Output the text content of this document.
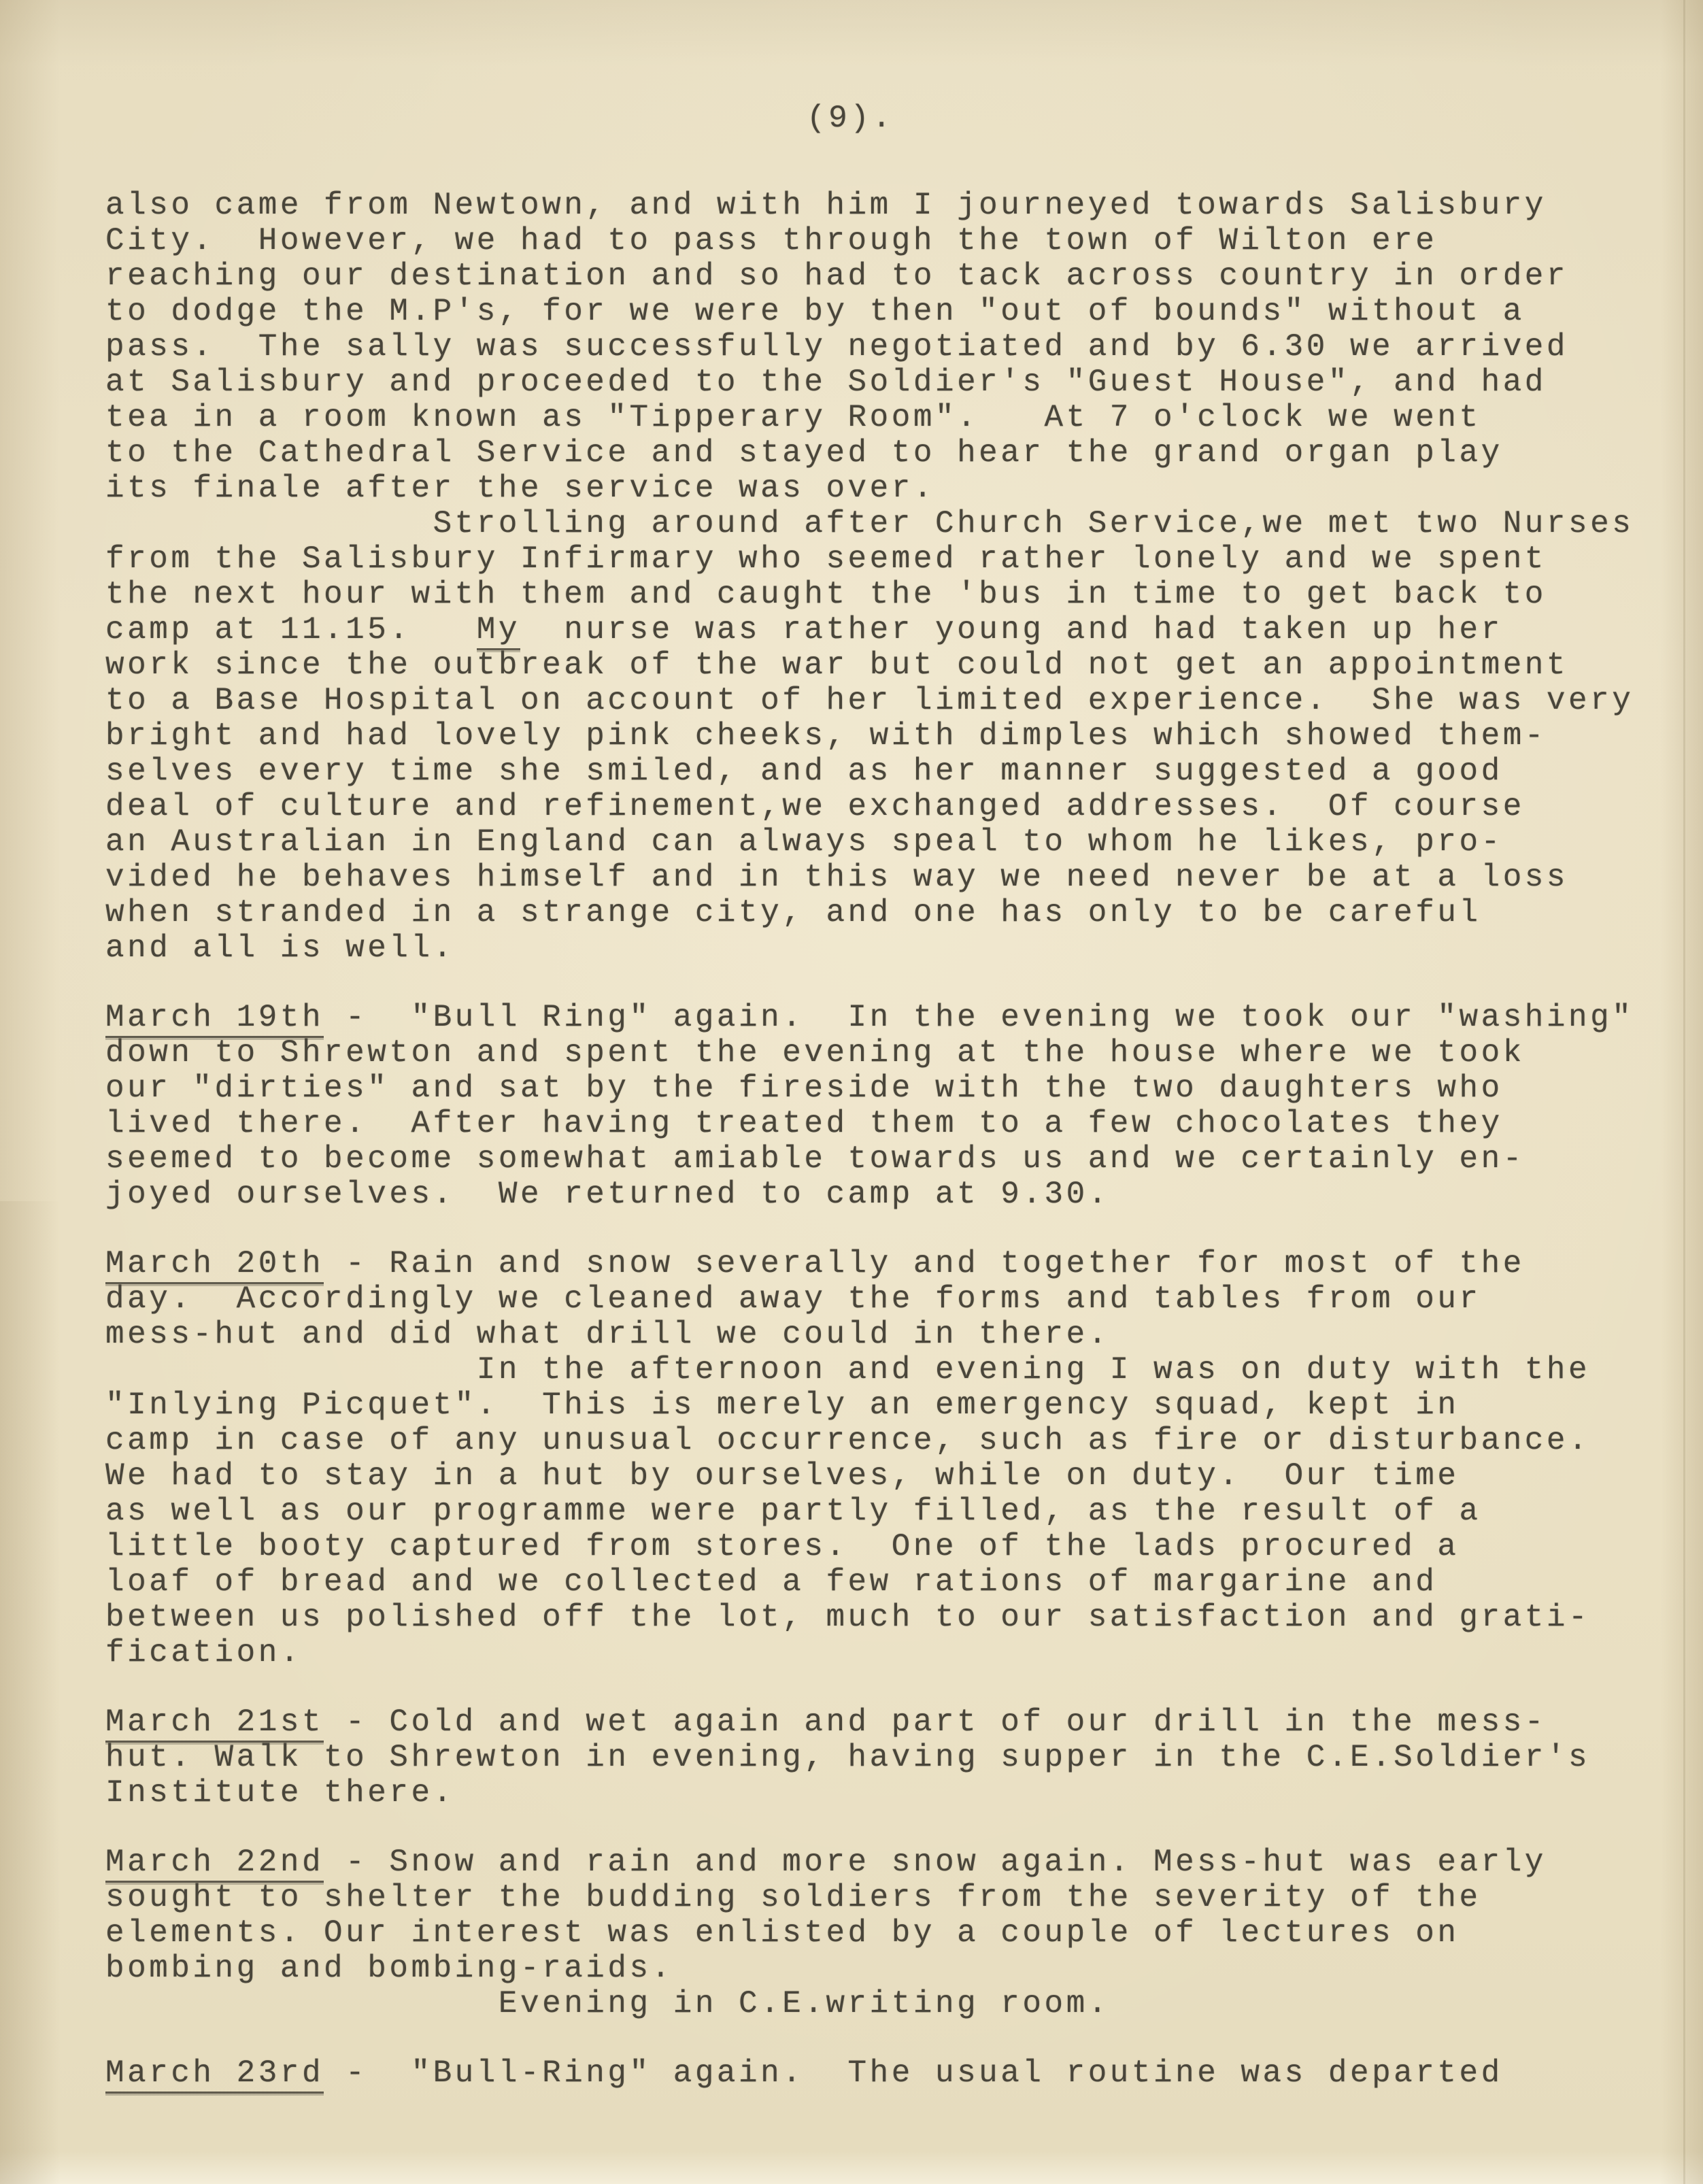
(9).
also came from Newtown, and with him I journeyed towards Salisbury
City.  However, we had to pass through the town of Wilton ere
reaching our destination and so had to tack across country in order
to dodge the M.P's, for we were by then "out of bounds" without a
pass.  The sally was successfully negotiated and by 6.30 we arrived
at Salisbury and proceeded to the Soldier's "Guest House", and had
tea in a room known as "Tipperary Room".   At 7 o'clock we went
to the Cathedral Service and stayed to hear the grand organ play
its finale after the service was over.
Strolling around after Church Service,we met two Nurses
from the Salisbury Infirmary who seemed rather lonely and we spent
the next hour with them and caught the 'bus in time to get back to
camp at 11.15.   My  nurse was rather young and had taken up her
work since the outbreak of the war but could not get an appointment
to a Base Hospital on account of her limited experience.  She was very
bright and had lovely pink cheeks, with dimples which showed them-
selves every time she smiled, and as her manner suggested a good
deal of culture and refinement,we exchanged addresses.  Of course
an Australian in England can always speal to whom he likes, pro-
vided he behaves himself and in this way we need never be at a loss
when stranded in a strange city, and one has only to be careful
and all is well.
March 19th -  "Bull Ring" again.  In the evening we took our "washing"
down to Shrewton and spent the evening at the house where we took
our "dirties" and sat by the fireside with the two daughters who
lived there.  After having treated them to a few chocolates they
seemed to become somewhat amiable towards us and we certainly en-
joyed ourselves.  We returned to camp at 9.30.
March 20th - Rain and snow severally and together for most of the
day.  Accordingly we cleaned away the forms and tables from our
mess-hut and did what drill we could in there.
In the afternoon and evening I was on duty with the
"Inlying Picquet".  This is merely an emergency squad, kept in
camp in case of any unusual occurrence, such as fire or disturbance.
We had to stay in a hut by ourselves, while on duty.  Our time
as well as our programme were partly filled, as the result of a
little booty captured from stores.  One of the lads procured a
loaf of bread and we collected a few rations of margarine and
between us polished off the lot, much to our satisfaction and grati-
fication.
March 21st - Cold and wet again and part of our drill in the mess-
hut. Walk to Shrewton in evening, having supper in the C.E.Soldier's
Institute there.
March 22nd - Snow and rain and more snow again. Mess-hut was early
sought to shelter the budding soldiers from the severity of the
elements. Our interest was enlisted by a couple of lectures on
bombing and bombing-raids.
Evening in C.E.writing room.
March 23rd -  "Bull-Ring" again.  The usual routine was departed
